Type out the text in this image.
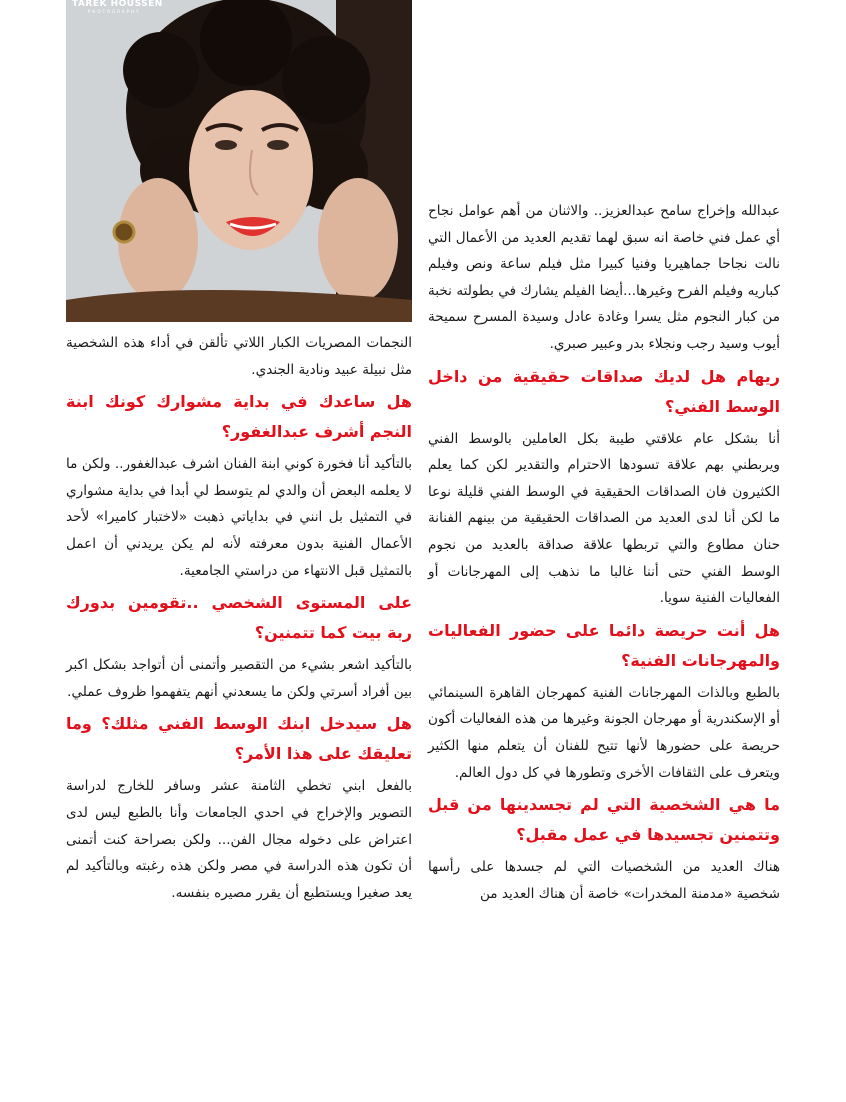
TAREK HOUSSEN
PHOTOGRAPHY

عبدالله وإخراج سامح عبدالعزيز.. والاثنان من أهم عوامل نجاح أي عمل فني خاصة انه سبق لهما تقديم العديد من الأعمال التي نالت نجاحا جماهيريا وفنيا كبيرا مثل فيلم ساعة ونص وفيلم كباريه وفيلم الفرح وغيرها...أيضا الفيلم يشارك في بطولته نخبة من كبار النجوم مثل يسرا وغادة عادل وسيدة المسرح سميحة أيوب وسيد رجب ونجلاء بدر وعبير صبري.

ريهام هل لديك صداقات حقيقية من داخل الوسط الفني؟

أنا بشكل عام علاقتي طيبة بكل العاملين بالوسط الفني ويربطني بهم علاقة تسودها الاحترام والتقدير لكن كما يعلم الكثيرون فان الصداقات الحقيقية في الوسط الفني قليلة نوعا ما لكن أنا لدى العديد من الصداقات الحقيقية من بينهم الفنانة حنان مطاوع والتي تربطها علاقة صداقة بالعديد من نجوم الوسط الفني حتى أننا غالبا ما نذهب إلى المهرجانات أو الفعاليات الفنية سويا.

هل أنت حريصة دائما على حضور الفعاليات والمهرجانات الفنية؟

بالطبع وبالذات المهرجانات الفنية كمهرجان القاهرة السينمائي أو الإسكندرية أو مهرجان الجونة وغيرها من هذه الفعاليات أكون حريصة على حضورها لأنها تتيح للفنان أن يتعلم منها الكثير ويتعرف على الثقافات الأخرى وتطورها في كل دول العالم.

ما هي الشخصية التي لم تجسدينها من قبل وتتمنين تجسيدها في عمل مقبل؟

هناك العديد من الشخصيات التي لم جسدها على رأسها شخصية «مدمنة المخدرات» خاصة أن هناك العديد من

النجمات المصريات الكبار اللاتي تألقن في أداء هذه الشخصية مثل نبيلة عبيد ونادية الجندي.

هل ساعدك في بداية مشوارك كونك ابنة النجم أشرف عبدالغفور؟

بالتأكيد أنا فخورة كوني ابنة الفنان اشرف عبدالغفور.. ولكن ما لا يعلمه البعض أن والدي لم يتوسط لي أبدا في بداية مشواري في التمثيل بل انني في بداياتي ذهبت «لاختبار كاميرا» لأحد الأعمال الفنية بدون معرفته لأنه لم يكن يريدني أن اعمل بالتمثيل قبل الانتهاء من دراستي الجامعية.

على المستوى الشخصي ..تقومين بدورك ربة بيت كما تتمنين؟

بالتأكيد اشعر بشيء من التقصير وأتمنى أن أتواجد بشكل اكبر بين أفراد أسرتي ولكن ما يسعدني أنهم يتفهموا ظروف عملي.

هل سيدخل ابنك الوسط الفني مثلك؟ وما تعليقك على هذا الأمر؟

بالفعل ابني تخطي الثامنة عشر وسافر للخارج لدراسة التصوير والإخراج في احدي الجامعات وأنا بالطبع ليس لدى اعتراض على دخوله مجال الفن... ولكن بصراحة كنت أتمنى أن تكون هذه الدراسة في مصر ولكن هذه رغبته وبالتأكيد لم يعد صغيرا ويستطيع أن يقرر مصيره بنفسه.
